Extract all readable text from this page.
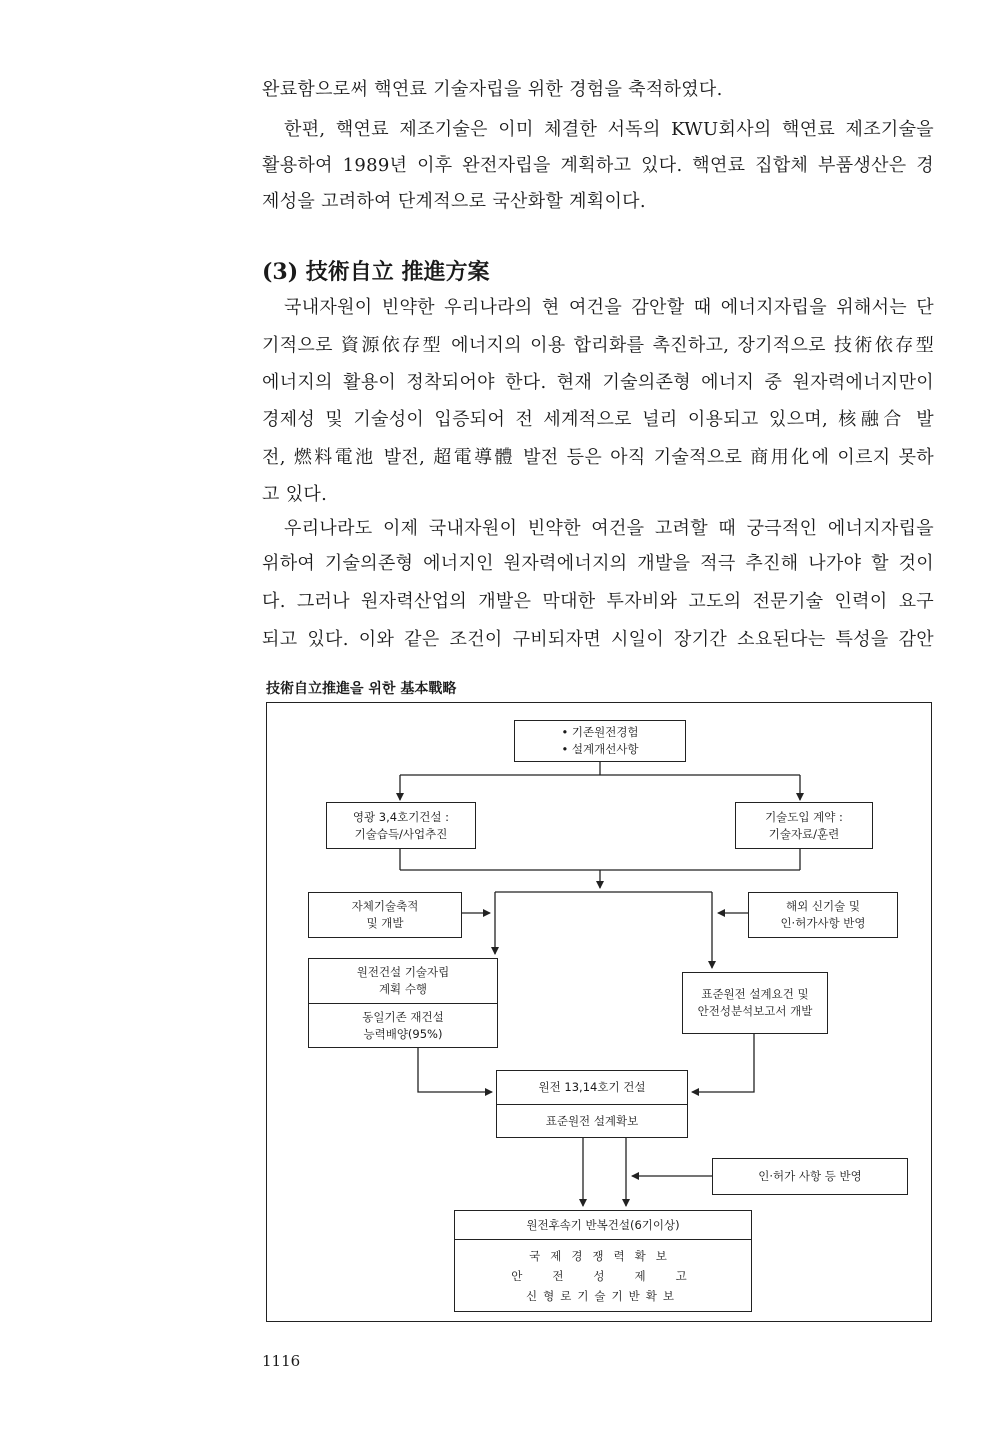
완료함으로써 핵연료 기술자립을 위한 경험을 축적하였다.
한편, 핵연료 제조기술은 이미 체결한 서독의 KWU회사의 핵연료 제조기술을
활용하여 1989년 이후 완전자립을 계획하고 있다. 핵연료 집합체 부품생산은 경
제성을 고려하여 단계적으로 국산화할 계획이다.
(3) 技術自立 推進方案
국내자원이 빈약한 우리나라의 현 여건을 감안할 때 에너지자립을 위해서는 단
기적으로 資源依存型 에너지의 이용 합리화를 촉진하고, 장기적으로 技術依存型
에너지의 활용이 정착되어야 한다. 현재 기술의존형 에너지 중 원자력에너지만이
경제성 및 기술성이 입증되어 전 세계적으로 널리 이용되고 있으며, 核融合 발
전, 燃料電池 발전, 超電導體 발전 등은 아직 기술적으로 商用化에 이르지 못하
고 있다.
우리나라도 이제 국내자원이 빈약한 여건을 고려할 때 궁극적인 에너지자립을
위하여 기술의존형 에너지인 원자력에너지의 개발을 적극 추진해 나가야 할 것이
다. 그러나 원자력산업의 개발은 막대한 투자비와 고도의 전문기술 인력이 요구
되고 있다. 이와 같은 조건이 구비되자면 시일이 장기간 소요된다는 특성을 감안
技術自立推進을 위한 基本戰略
• 기존원전경험
• 설계개선사항
영광 3,4호기건설 :
기술습득/사업추진
기술도입 계약 :
기술자료/훈련
자체기술축적
및 개발
해외 신기술 및
인·허가사항 반영
원전건설 기술자립
계획 수행
동일기존 재건설
능력배양(95%)
표준원전 설계요건 및
안전성분석보고서 개발
원전 13,14호기 건설
표준원전 설계확보
인·허가 사항 등 반영
원전후속기 반복건설(6기이상)
국제경쟁력확보
안전성제고
신형로기술기반확보
1116
